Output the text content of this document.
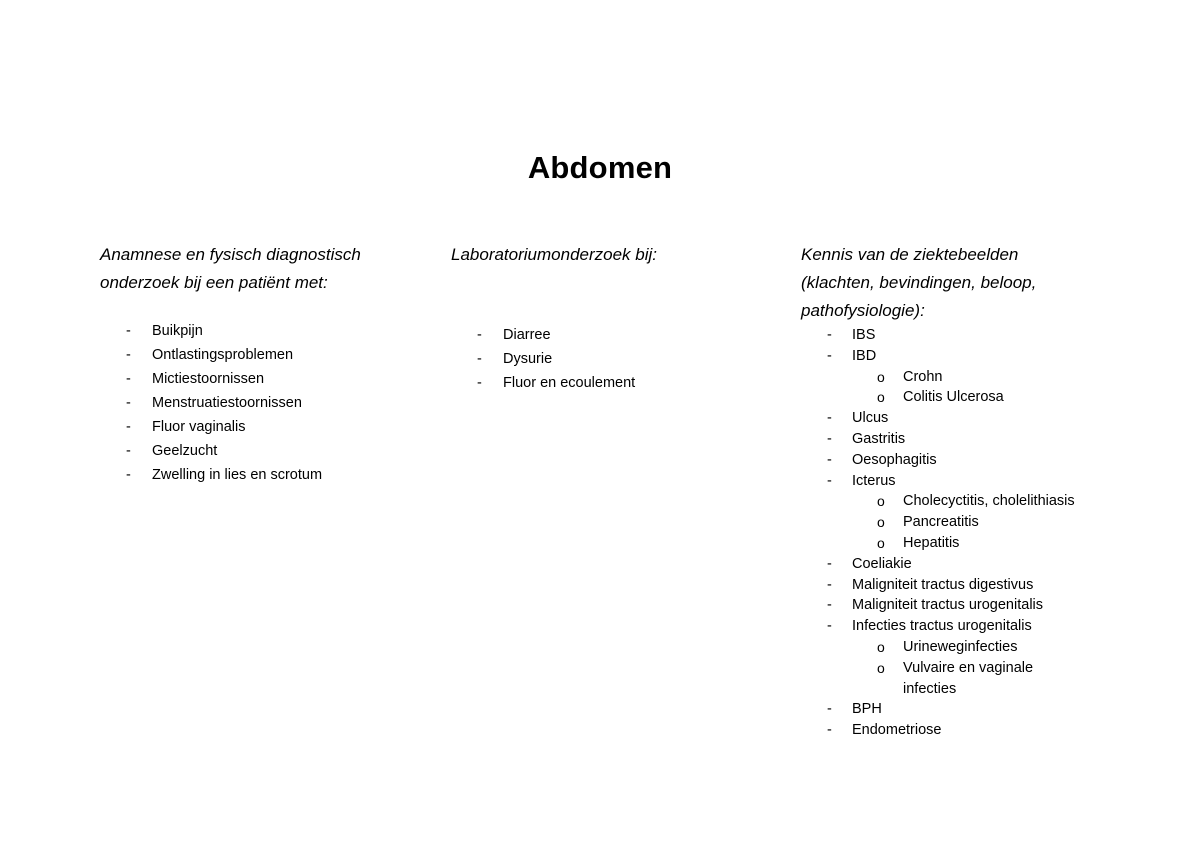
Abdomen

Anamnese en fysisch diagnostisch
onderzoek bij een patiënt met:

- Buikpijn
- Ontlastingsproblemen
- Mictiestoornissen
- Menstruatiestoornissen
- Fluor vaginalis
- Geelzucht
- Zwelling in lies en scrotum

Laboratoriumonderzoek bij:

- Diarree
- Dysurie
- Fluor en ecoulement

Kennis van de ziektebeelden
(klachten, bevindingen, beloop,
pathofysiologie):

- IBS
- IBD
o Crohn
o Colitis Ulcerosa
- Ulcus
- Gastritis
- Oesophagitis
- Icterus
o Cholecyctitis, cholelithiasis
o Pancreatitis
o Hepatitis
- Coeliakie
- Maligniteit tractus digestivus
- Maligniteit tractus urogenitalis
- Infecties tractus urogenitalis
o Urineweginfecties
o Vulvaire en vaginale
infecties
- BPH
- Endometriose
